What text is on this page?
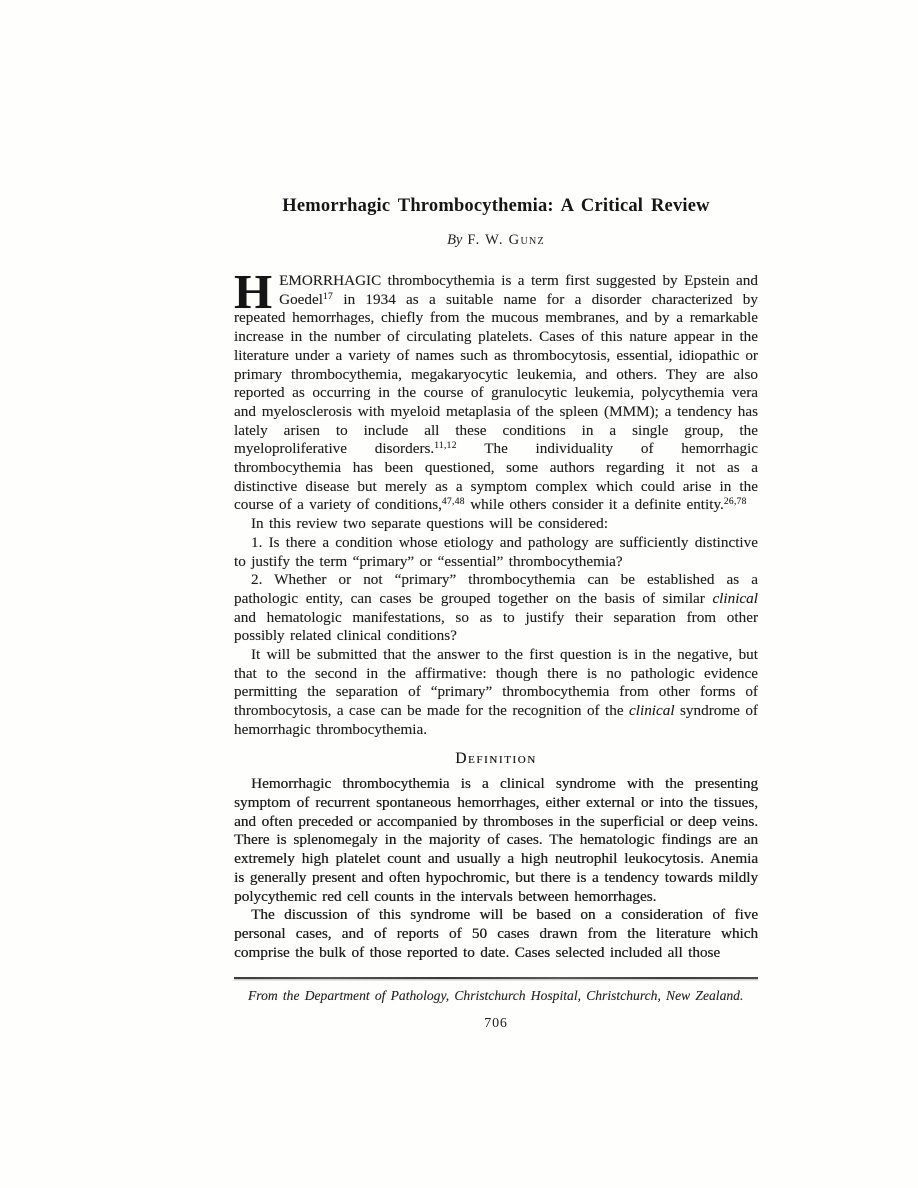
Hemorrhagic Thrombocythemia: A Critical Review
By F. W. Gunz

HEMORRHAGIC thrombocythemia is a term first suggested by Epstein and Goedel$^{17}$ in 1934 as a suitable name for a disorder characterized by repeated hemorrhages, chiefly from the mucous membranes, and by a remarkable increase in the number of circulating platelets. Cases of this nature appear in the literature under a variety of names such as thrombocytosis, essential, idiopathic or primary thrombocythemia, megakaryocytic leukemia, and others. They are also reported as occurring in the course of granulocytic leukemia, polycythemia vera and myelosclerosis with myeloid metaplasia of the spleen (MMM); a tendency has lately arisen to include all these conditions in a single group, the myeloproliferative disorders.$^{11,12}$ The individuality of hemorrhagic thrombocythemia has been questioned, some authors regarding it not as a distinctive disease but merely as a symptom complex which could arise in the course of a variety of conditions,$^{47,48}$ while others consider it a definite entity.$^{26,78}$

In this review two separate questions will be considered:

1. Is there a condition whose etiology and pathology are sufficiently distinctive to justify the term “primary” or “essential” thrombocythemia?

2. Whether or not “primary” thrombocythemia can be established as a pathologic entity, can cases be grouped together on the basis of similar clinical and hematologic manifestations, so as to justify their separation from other possibly related clinical conditions?

It will be submitted that the answer to the first question is in the negative, but that to the second in the affirmative: though there is no pathologic evidence permitting the separation of “primary” thrombocythemia from other forms of thrombocytosis, a case can be made for the recognition of the clinical syndrome of hemorrhagic thrombocythemia.

Definition

Hemorrhagic thrombocythemia is a clinical syndrome with the presenting symptom of recurrent spontaneous hemorrhages, either external or into the tissues, and often preceded or accompanied by thromboses in the superficial or deep veins. There is splenomegaly in the majority of cases. The hematologic findings are an extremely high platelet count and usually a high neutrophil leukocytosis. Anemia is generally present and often hypochromic, but there is a tendency towards mildly polycythemic red cell counts in the intervals between hemorrhages.

The discussion of this syndrome will be based on a consideration of five personal cases, and of reports of 50 cases drawn from the literature which comprise the bulk of those reported to date. Cases selected included all those

From the Department of Pathology, Christchurch Hospital, Christchurch, New Zealand.
706
